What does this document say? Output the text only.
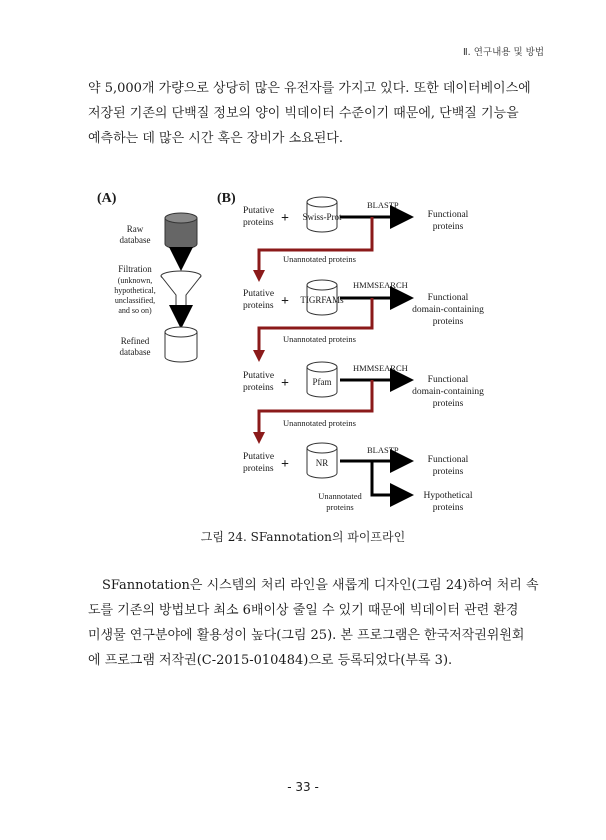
Ⅱ. 연구내용 및 방법

약 5,000개 가량으로 상당히 많은 유전자를 가지고 있다. 또한 데이터베이스에
저장된 기존의 단백질 정보의 양이 빅데이터 수준이기 때문에, 단백질 기능을
예측하는 데 많은 시간 혹은 장비가 소요된다.

(A)
Raw
database
Filtration
(unknown,
hypothetical,
unclassified,
and so on)
Refined
database
(B)
Putative
proteins + Swiss-Prot
BLASTP
Functional
proteins
Unannotated proteins
Putative
proteins + TIGRFAMs
HMMSEARCH
Functional
domain-containing
proteins
Unannotated proteins
Putative
proteins +	Pfam
HMMSEARCH
Functional
domain-containing
proteins
Unannotated proteins
Putative
proteins +	NR
BLASTP
Functional
proteins
Unannotated
proteins
Hypothetical
proteins
그림 24. SFannotation의 파이프라인

SFannotation은 시스템의 처리 라인을 새롭게 디자인(그림 24)하여 처리 속
도를 기존의 방법보다 최소 6배이상 줄일 수 있기 때문에 빅데이터 관련 환경
미생물 연구분야에 활용성이 높다(그림 25). 본 프로그램은 한국저작권위원회
에 프로그램 저작권(C-2015-010484)으로 등록되었다(부록 3).

- 33 -
